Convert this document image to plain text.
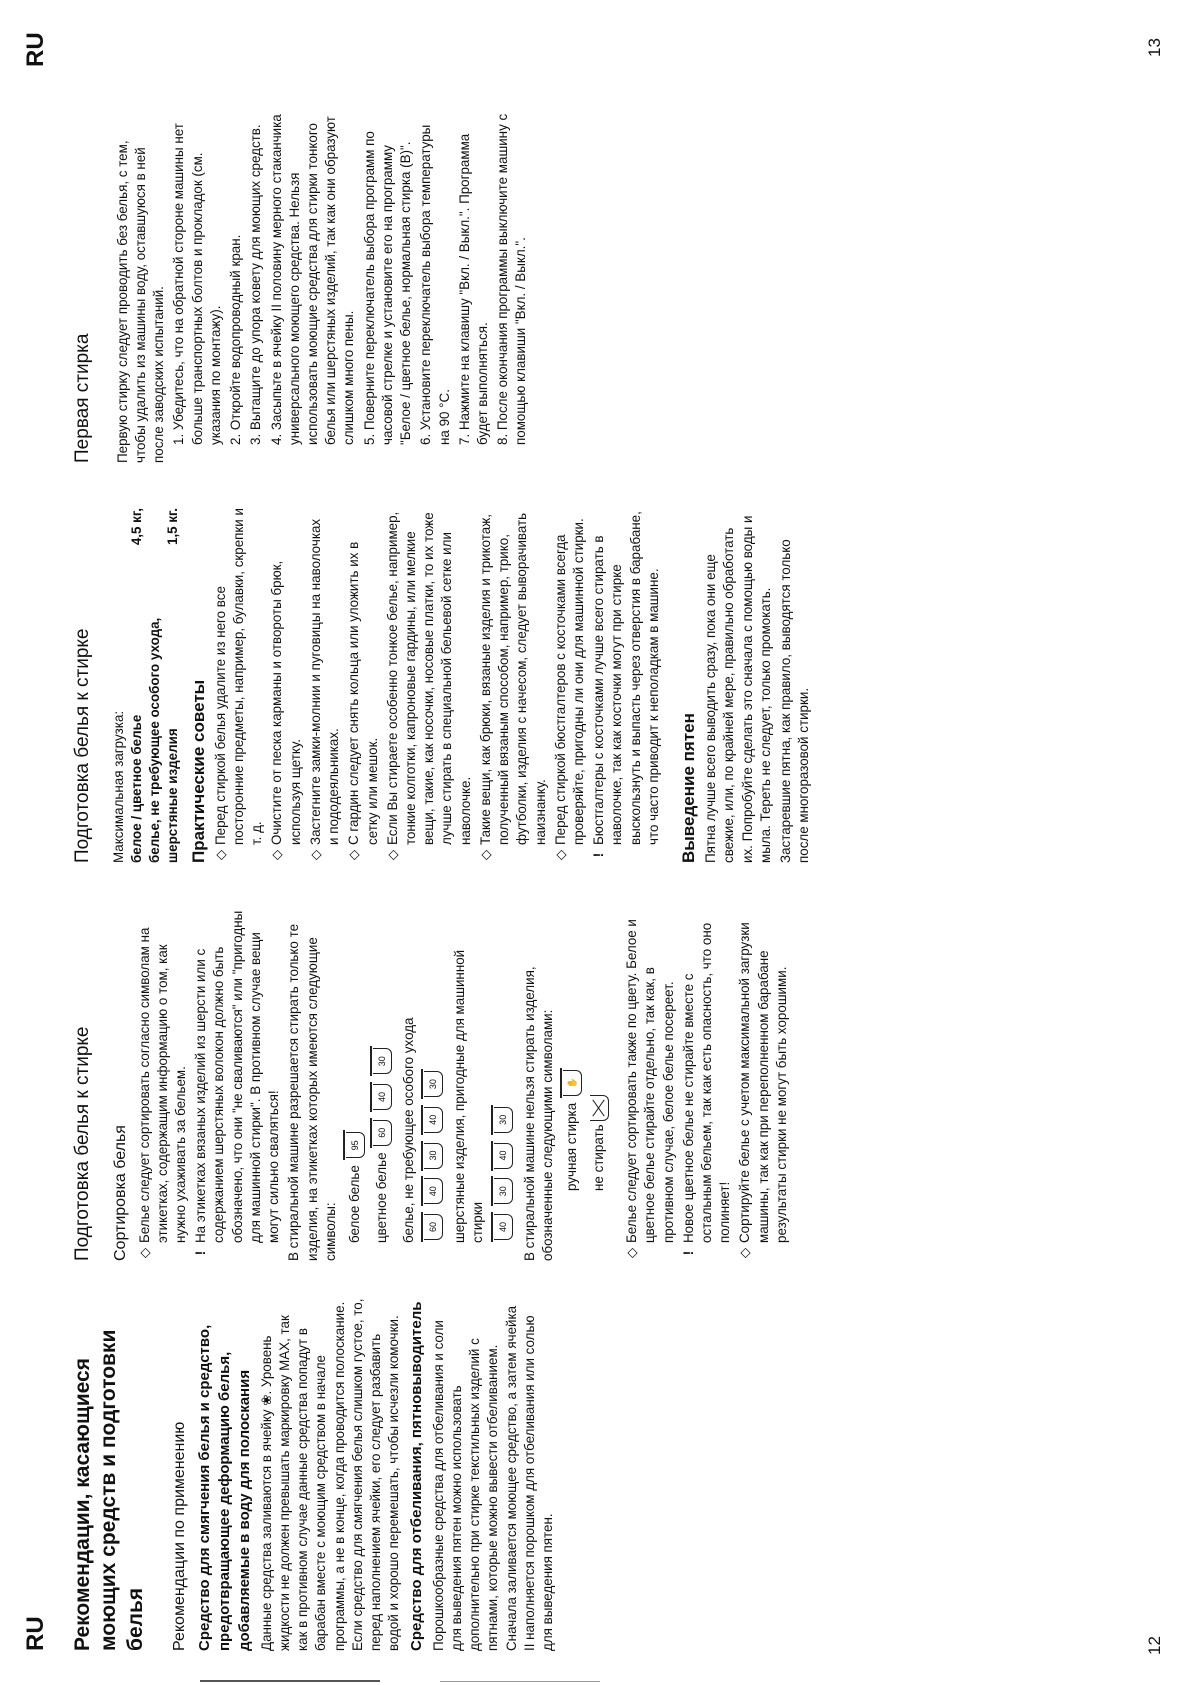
RU
RU
12
13
Рекомендации, касающиеся моющих средств и подготовки белья Рекомендации по применению Средство для смягчения белья и средство, предотвращающее деформацию белья, добавляемые в воду для полоскания Данные средства заливаются в ячейку ❀. Уровень жидкости не должен превышать маркировку MAX, так как в противном случае данные средства попадут в барабан вместе с моющим средством в начале программы, а не в конце, когда проводится полоскание. Если средство для смягчения белья слишком густое, то, перед наполнением ячейки, его следует разбавить водой и хорошо перемешать, чтобы исчезли комочки. Средство для отбеливания, пятновыводитель Порошкообразные средства для отбеливания и соли для выведения пятен можно использовать дополнительно при стирке текстильных изделий с пятнами, которые можно вывести отбеливанием. Сначала заливается моющее средство, а затем ячейка II наполняется порошком для отбеливания или солью для выведения пятен.

Подготовка белья к стирке Сортировка белья ◇
Белье следует сортировать согласно символам на этикетках, содержащим информацию о том, как нужно ухаживать за бельем.
!
На этикетках вязаных изделий из шерсти или с содержанием шерстяных волокон должно быть обозначено, что они "не сваливаются" или "пригодны для машинной стирки". В противном случае вещи могут сильно сваляться! В стиральной машине разрешается стирать только те изделия, на этикетках которых имеются следующие символы: белое белье 95
цветное белье 60 40 30	белье, не требующее особого ухода	60 40 30 40 30	шерстяные изделия, пригодные для машинной стирки	40 30 40 30	В стиральной машине нельзя стирать изделия, обозначенные следующими символами: ручная стирка ✋
не стирать
◇
Белье следует сортировать также по цвету. Белое и цветное белье стирайте отдельно, так как, в противном случае, белое белье посереет.
!
Новое цветное белье не стирайте вместе с остальным бельем, так как есть опасность, что оно полиняет!
◇
Сортируйте белье с учетом максимальной загрузки машины, так как при переполненном барабане результаты стирки не могут быть хорошими.
Подготовка белья к стирке Максимальная загрузка: белое / цветное белье
4,5 кг,
белье, не требующее особого ухода, шерстяные изделия
1,5 кг.
Практические советы ◇
Перед стиркой белья удалите из него все посторонние предметы, например, булавки, скрепки и т. д.
◇
Очистите от песка карманы и отвороты брюк, используя щетку.
◇
Застегните замки-молнии и пуговицы на наволочках и пододеяльниках.
◇
С гардин следует снять кольца или уложить их в сетку или мешок.
◇
Если Вы стираете особенно тонкое белье, например, тонкие колготки, капроновые гардины, или мелкие вещи, такие, как носочки, носовые платки, то их тоже лучше стирать в специальной бельевой сетке или наволочке.
◇
Такие вещи, как брюки, вязаные изделия и трикотаж, полученный вязаным способом, например, трико, футболки, изделия с начесом, следует выворачивать наизнанку.
◇
Перед стиркой бюстгалтеров с косточками всегда проверяйте, пригодны ли они для машинной стирки.
!
Бюстгалтеры с косточками лучше всего стирать в наволочке, так как косточки могут при стирке выскользнуть и выпасть через отверстия в барабане, что часто приводит к неполадкам в машине. Выведение пятен Пятна лучше всего выводить сразу, пока они еще свежие, или, по крайней мере, правильно обработать их. Попробуйте сделать это сначала с помощью воды и мыла. Тереть не следует, только промокать. Застаревшие пятна, как правило, выводятся только после многоразовой стирки.

Первая стирка Первую стирку следует проводить без белья, с тем, чтобы удалить из машины воду, оставшуюся в ней после заводских испытаний. 1. Убедитесь, что на обратной стороне машины нет больше транспортных болтов и прокладок (см. указания по монтажу). 2. Откройте водопроводный кран. 3. Вытащите до упора ковету для моющих средств. 4. Засыпьте в ячейку II половину мерного стаканчика универсального моющего средства. Нельзя использовать моющие средства для стирки тонкого белья или шерстяных изделий, так как они образуют слишком много пены. 5. Поверните переключатель выбора программ по часовой стрелке и установите его на программу "Белое / цветное белье, нормальная стирка (B)". 6. Установите переключатель выбора температуры на 90 °С. 7. Нажмите на клавишу "Вкл. / Выкл.". Программа будет выполняться. 8. После окончания программы выключите машину с помощью клавиши "Вкл. / Выкл.".
